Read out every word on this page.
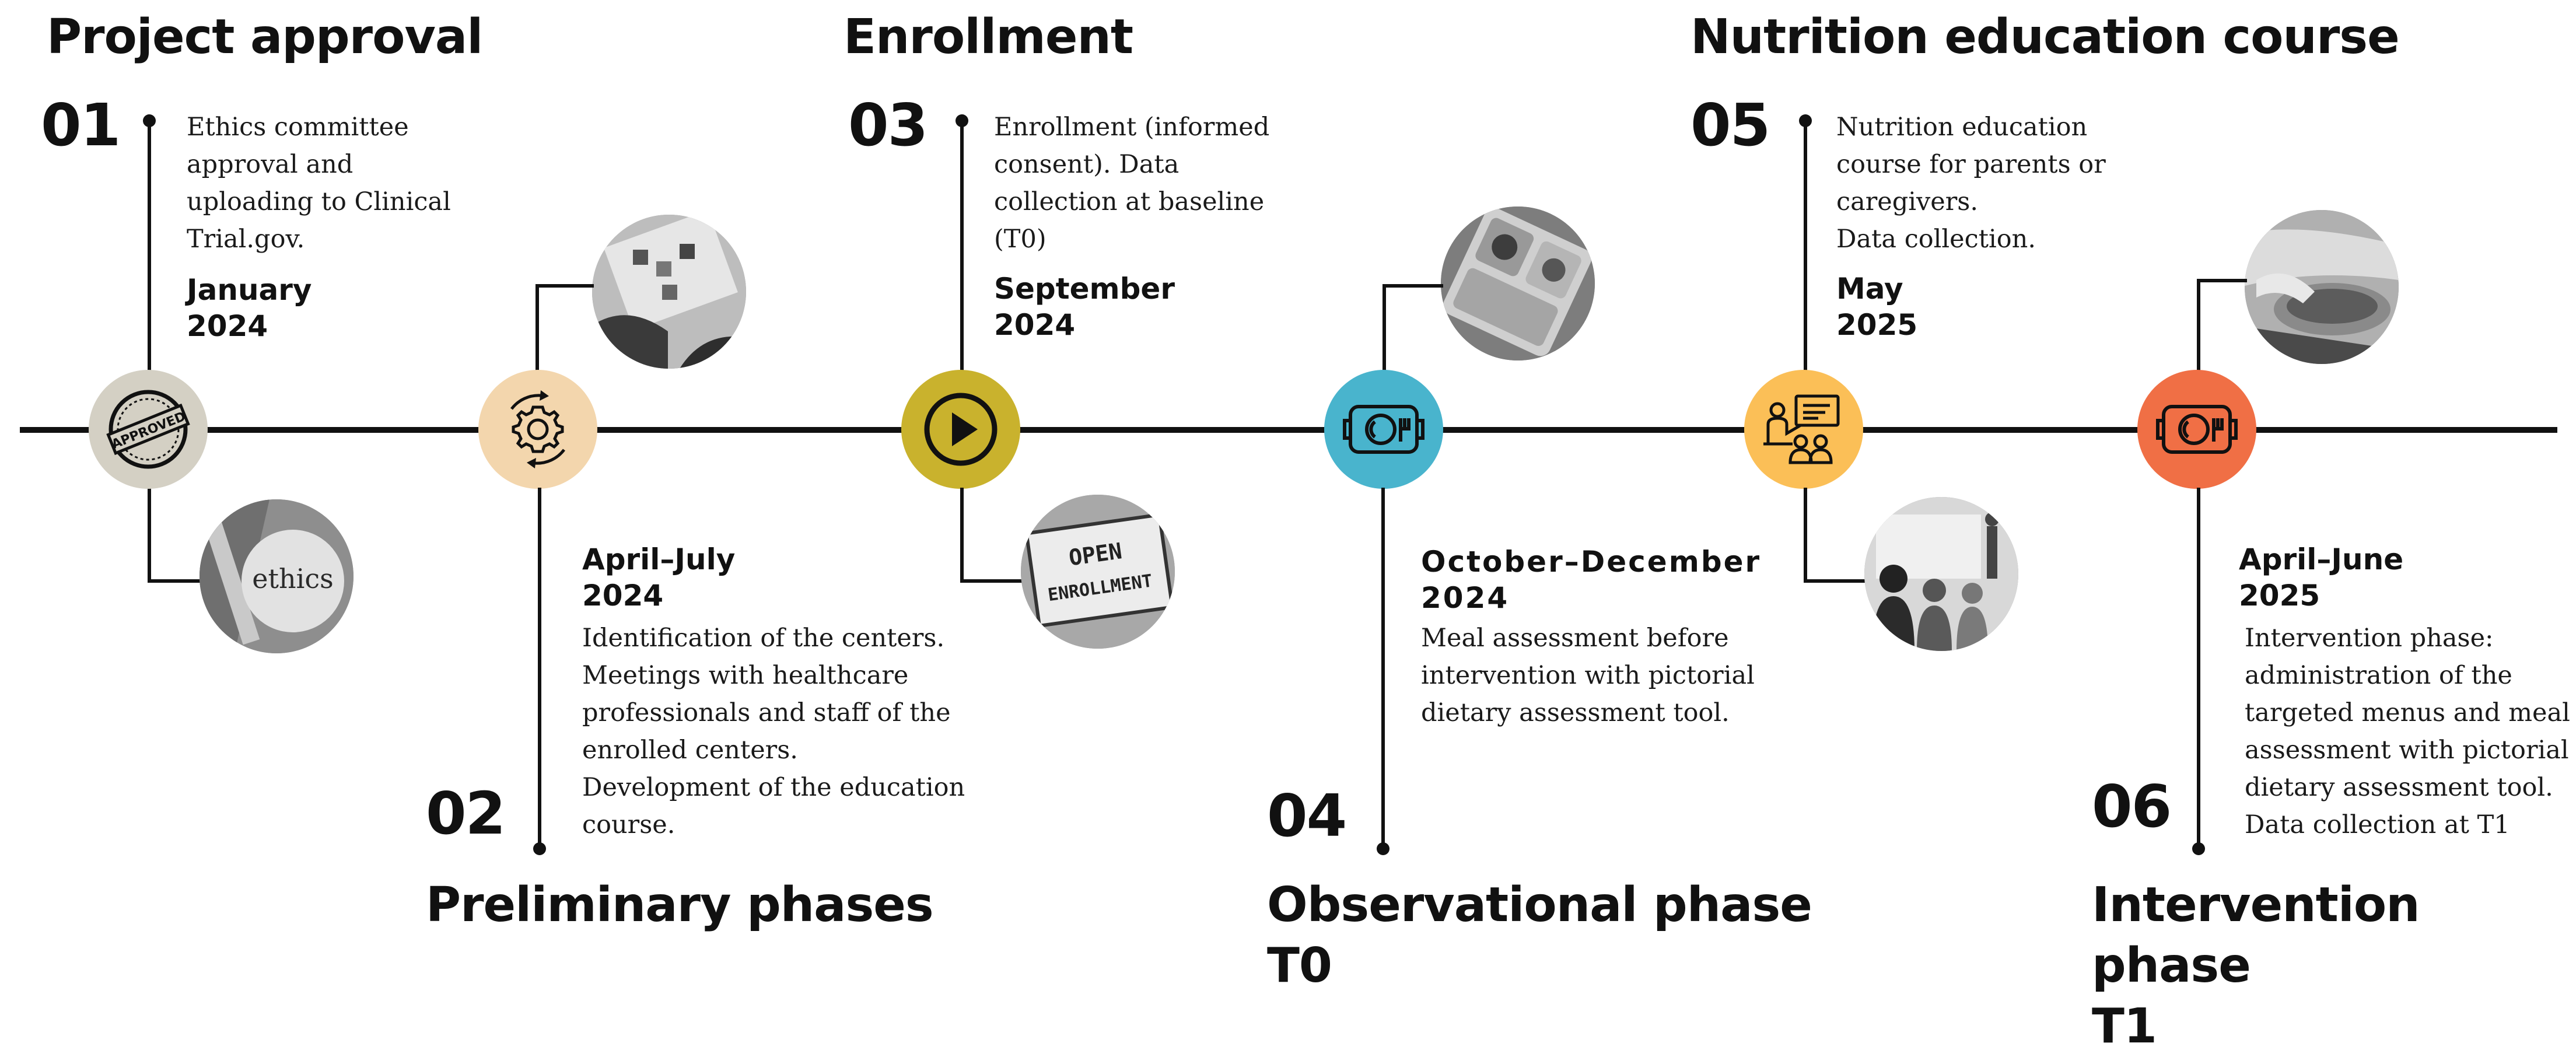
Project approval
01	Ethics committee
approval and
uploading to Clinical
Trial.gov.

January
2024
ethics
APPROVED
April–July
2024

Identification of the centers.
Meetings with healthcare
professionals and staff of the
enrolled centers.
Development of the education
course.

02
Preliminary phases
Enrollment
03	Enrollment (informed
consent). Data
collection at baseline
(T0)

September
2024
OPEN
ENROLLMENT
October–December
2024

Meal assessment before
intervention with pictorial
dietary assessment tool.

04
Observational phase
T0
Nutrition education course
05	Nutrition education
course for parents or
caregivers.
Data collection.

May
2025
April–June
2025

Intervention phase:
administration of the
targeted menus and meal
assessment with pictorial
dietary assessment tool.
Data collection at T1

06
Intervention phase
T1
